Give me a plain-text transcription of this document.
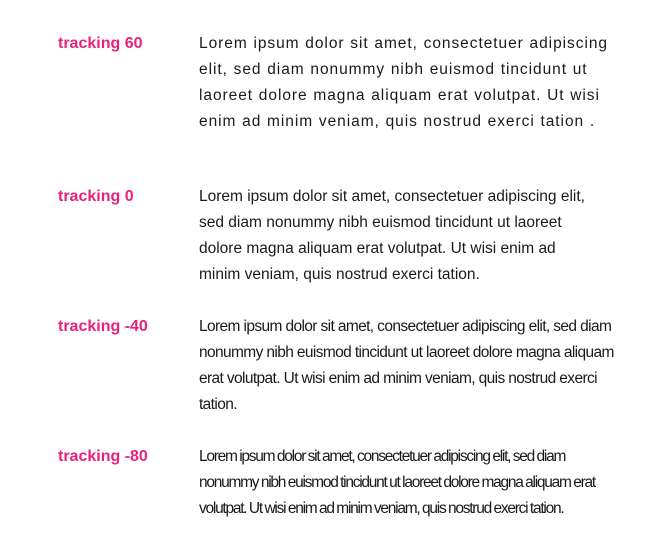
tracking 60	Lorem ipsum dolor sit amet, consectetuer adipiscing elit, sed diam nonummy nibh euismod tincidunt ut laoreet dolore magna aliquam erat volutpat. Ut wisi enim ad minim veniam, quis nostrud exerci tation .
tracking 0	Lorem ipsum dolor sit amet, consectetuer adipiscing elit, sed diam nonummy nibh euismod tincidunt ut laoreet dolore magna aliquam erat volutpat. Ut wisi enim ad minim veniam, quis nostrud exerci tation.
tracking -40	Lorem ipsum dolor sit amet, consectetuer adipiscing elit, sed diam nonummy nibh euismod tincidunt ut laoreet dolore magna aliquam erat volutpat. Ut wisi enim ad minim veniam, quis nostrud exerci tation.
tracking -80	Lorem ipsum dolor sit amet, consectetuer adipiscing elit, sed diam nonummy nibh euismod tincidunt ut laoreet dolore magna aliquam erat volutpat. Ut wisi enim ad minim veniam, quis nostrud exerci tation.
